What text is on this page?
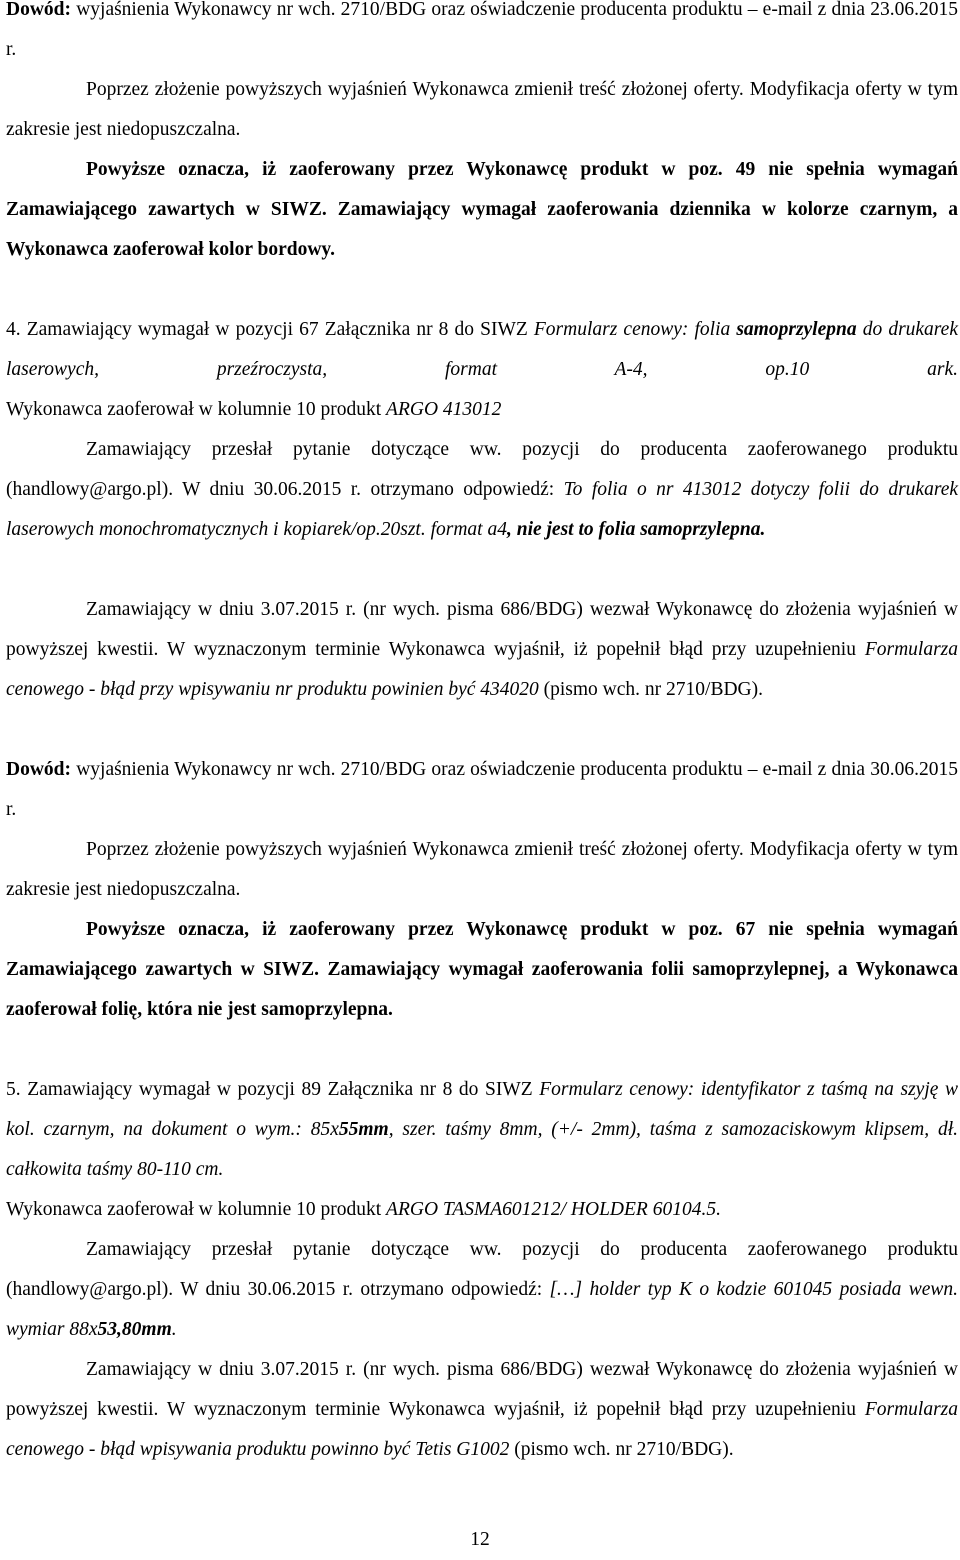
Dowód: wyjaśnienia Wykonawcy nr wch. 2710/BDG oraz oświadczenie producenta produktu – e-mail z dnia 23.06.2015 r.

Poprzez złożenie powyższych wyjaśnień Wykonawca zmienił treść złożonej oferty. Modyfikacja oferty w tym zakresie jest niedopuszczalna.

Powyższe oznacza, iż zaoferowany przez Wykonawcę produkt w poz. 49 nie spełnia wymagań Zamawiającego zawartych w SIWZ. Zamawiający wymagał zaoferowania dziennika w kolorze czarnym, a Wykonawca zaoferował kolor bordowy.

4. Zamawiający wymagał w pozycji 67 Załącznika nr 8 do SIWZ Formularz cenowy: folia samoprzylepna do drukarek laserowych, przeźroczysta, format A-4, op.10 ark.

Wykonawca zaoferował w kolumnie 10 produkt ARGO 413012

Zamawiający przesłał pytanie dotyczące ww. pozycji do producenta zaoferowanego produktu (handlowy@argo.pl). W dniu 30.06.2015 r. otrzymano odpowiedź: To folia o nr 413012 dotyczy folii do drukarek laserowych monochromatycznych i kopiarek/op.20szt. format a4, nie jest to folia samoprzylepna.

Zamawiający w dniu 3.07.2015 r. (nr wych. pisma 686/BDG) wezwał Wykonawcę do złożenia wyjaśnień w powyższej kwestii. W wyznaczonym terminie Wykonawca wyjaśnił, iż popełnił błąd przy uzupełnieniu Formularza cenowego - błąd przy wpisywaniu nr produktu powinien być 434020 (pismo wch. nr 2710/BDG).

Dowód: wyjaśnienia Wykonawcy nr wch. 2710/BDG oraz oświadczenie producenta produktu – e-mail z dnia 30.06.2015 r.

Poprzez złożenie powyższych wyjaśnień Wykonawca zmienił treść złożonej oferty. Modyfikacja oferty w tym zakresie jest niedopuszczalna.

Powyższe oznacza, iż zaoferowany przez Wykonawcę produkt w poz. 67 nie spełnia wymagań Zamawiającego zawartych w SIWZ. Zamawiający wymagał zaoferowania folii samoprzylepnej, a Wykonawca zaoferował folię, która nie jest samoprzylepna.

5. Zamawiający wymagał w pozycji 89 Załącznika nr 8 do SIWZ Formularz cenowy: identyfikator z taśmą na szyję w kol. czarnym, na dokument o wym.: 85x55mm, szer. taśmy 8mm, (+/- 2mm), taśma z samozaciskowym klipsem, dł. całkowita taśmy 80-110 cm.

Wykonawca zaoferował w kolumnie 10 produkt ARGO TASMA601212/ HOLDER 60104.5.

Zamawiający przesłał pytanie dotyczące ww. pozycji do producenta zaoferowanego produktu (handlowy@argo.pl). W dniu 30.06.2015 r. otrzymano odpowiedź: […] holder typ K o kodzie 601045 posiada wewn. wymiar 88x53,80mm.

Zamawiający w dniu 3.07.2015 r. (nr wych. pisma 686/BDG) wezwał Wykonawcę do złożenia wyjaśnień w powyższej kwestii. W wyznaczonym terminie Wykonawca wyjaśnił, iż popełnił błąd przy uzupełnieniu Formularza cenowego - błąd wpisywania produktu powinno być Tetis G1002 (pismo wch. nr 2710/BDG).

12
